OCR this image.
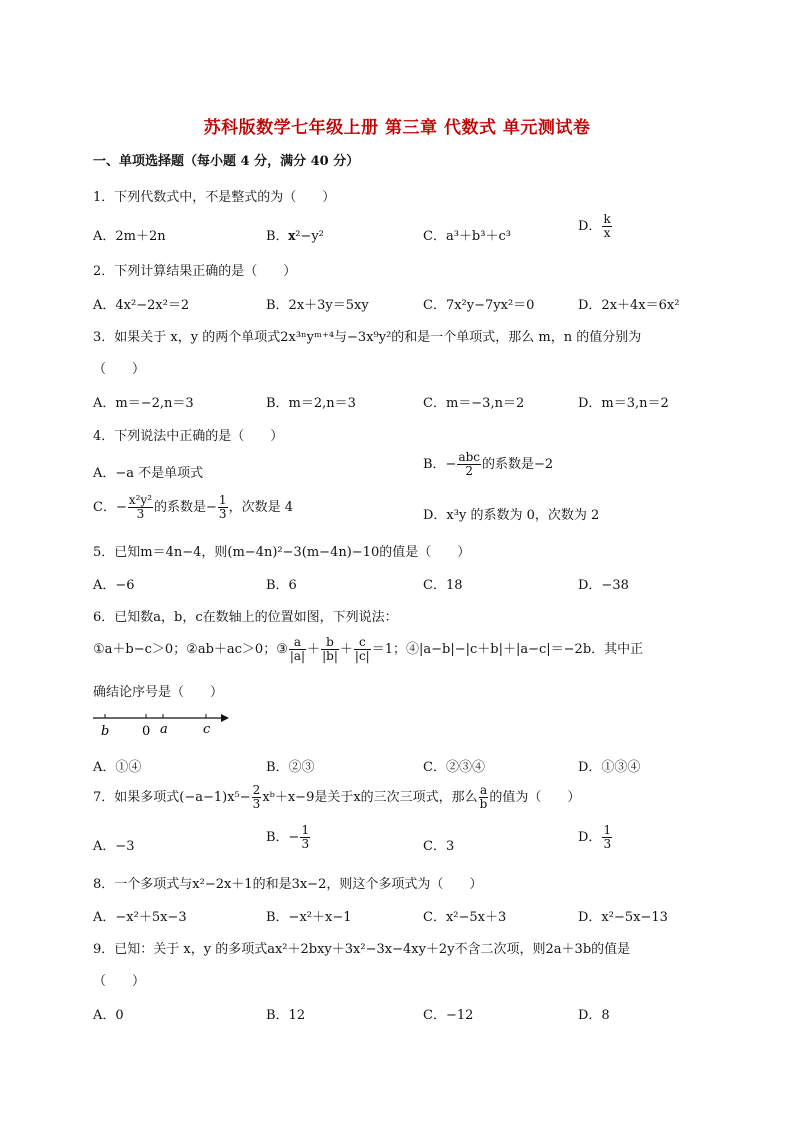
苏科版数学七年级上册 第三章 代数式 单元测试卷
一、单项选择题（每小题 4 分，满分 40 分）
1．下列代数式中，不是整式的为（　　）
A．2m＋2n	B．xx²−y²	C．a³＋b³＋c³
D． $\frac{k}{x}$
2．下列计算结果正确的是（　　）
A．4x²−2x²＝2	B．2x＋3y＝5xy	C．7x²y−7yx²＝0	D．2x＋4x＝6x²
3．如果关于 x，y 的两个单项式2x³ⁿyᵐ⁺⁴与−3x⁹y²的和是一个单项式，那么 m，n 的值分别为
（　　）
A．m＝−2,n＝3	B．m＝2,n＝3	C．m＝−3,n＝2	D．m＝3,n＝2
4．下列说法中正确的是（　　）
A．−a 不是单项式
B．− $\frac{\text{abc}}{2}$ 的系数是−2
C．− $\frac{\text{x²y²}}{3}$ 的系数是− $\frac{1}{3}$ ，次数是 4
D．x³y 的系数为 0，次数为 2
5．已知m＝4n−4，则(m−4n)²−3(m−4n)−10的值是（　　）
A．−6	B．6	C．18	D．−38
6．已知数a，b，c在数轴上的位置如图，下列说法：
①a＋b−c＞0；②ab＋ac＞0；③ $\frac{a}{|a|} + \frac{b}{|b|} + \frac{c}{|c|} =1$；④|a−b|−|c＋b|＋|a−c|＝−2b．其中正
确结论序号是（　　）
b	0 a	c
A．①④	B．②③	C．②③④	D．①③④
7．如果多项式$(-a-1)x^5- \frac{2}{3}$ xᵇ＋x−9是关于x的三次三项式，那么 $\frac{a}{b}$ 的值为（　　）
A．−3
B．− $\frac{1}{3}$	C．3
D． $\frac{1}{3}$
8．一个多项式与x²−2x＋1的和是3x−2，则这个多项式为（　　）
A．−x²＋5x−3	B．−x²＋x−1	C．x²−5x＋3	D．x²−5x−13
9．已知：关于 x，y 的多项式ax²＋2bxy＋3x²−3x−4xy＋2y不含二次项，则2a＋3b的值是
（　　）
A．0	B．12	C．−12	D．8
